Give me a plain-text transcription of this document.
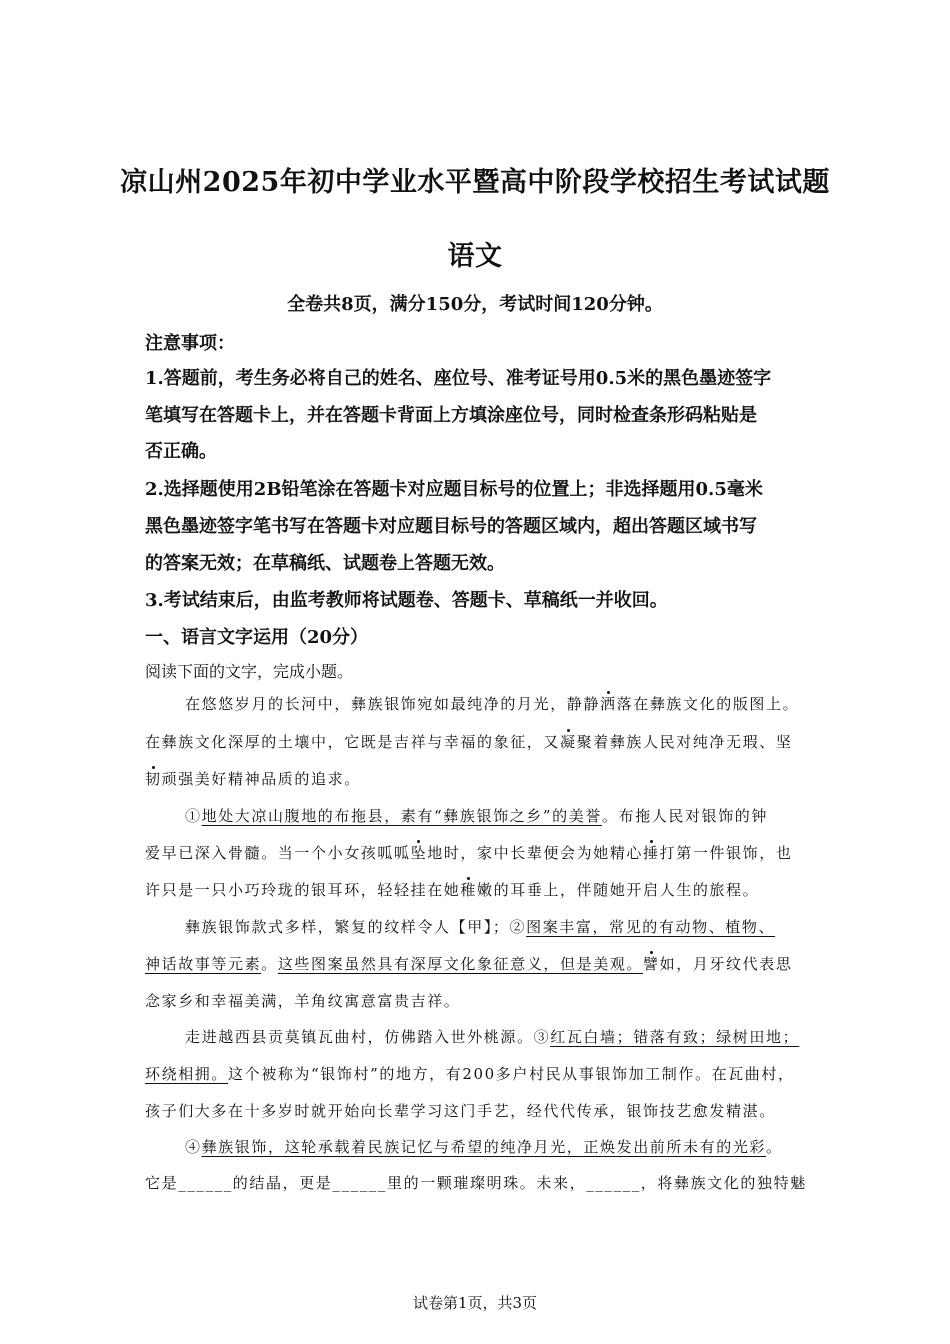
凉山州2025年初中学业水平暨高中阶段学校招生考试试题
语文
全卷共8页，满分150分，考试时间120分钟。
注意事项：
1.答题前，考生务必将自己的姓名、座位号、准考证号用0.5米的黑色墨迹签字
笔填写在答题卡上，并在答题卡背面上方填涂座位号，同时检查条形码粘贴是
否正确。
2.选择题使用2B铅笔涂在答题卡对应题目标号的位置上；非选择题用0.5毫米
黑色墨迹签字笔书写在答题卡对应题目标号的答题区域内，超出答题区域书写
的答案无效；在草稿纸、试题卷上答题无效。
3.考试结束后，由监考教师将试题卷、答题卡、草稿纸一并收回。
一、语言文字运用（20分）
阅读下面的文字，完成小题。
在悠悠岁月的长河中，彝族银饰宛如最纯净的月光，静静洒落在彝族文化的版图上。
在彝族文化深厚的土壤中，它既是吉祥与幸福的象征，又凝聚着彝族人民对纯净无瑕、坚
韧顽强美好精神品质的追求。
①地处大凉山腹地的布拖县，素有“彝族银饰之乡”的美誉。布拖人民对银饰的钟
爱早已深入骨髓。当一个小女孩呱呱坠地时，家中长辈便会为她精心捶打第一件银饰，也
许只是一只小巧玲珑的银耳环，轻轻挂在她稚嫩的耳垂上，伴随她开启人生的旅程。
彝族银饰款式多样，繁复的纹样令人【甲】；②图案丰富，常见的有动物、植物、
神话故事等元素。这些图案虽然具有深厚文化象征意义，但是美观。譬如，月牙纹代表思
念家乡和幸福美满，羊角纹寓意富贵吉祥。
走进越西县贡莫镇瓦曲村，仿佛踏入世外桃源。③红瓦白墙；错落有致；绿树田地；
环绕相拥。这个被称为“银饰村”的地方，有200多户村民从事银饰加工制作。在瓦曲村，
孩子们大多在十多岁时就开始向长辈学习这门手艺，经代代传承，银饰技艺愈发精湛。
④彝族银饰，这轮承载着民族记忆与希望的纯净月光，正焕发出前所未有的光彩。
它是______的结晶，更是______里的一颗璀璨明珠。未来，______，将彝族文化的独特魅
试卷第1页，共3页
